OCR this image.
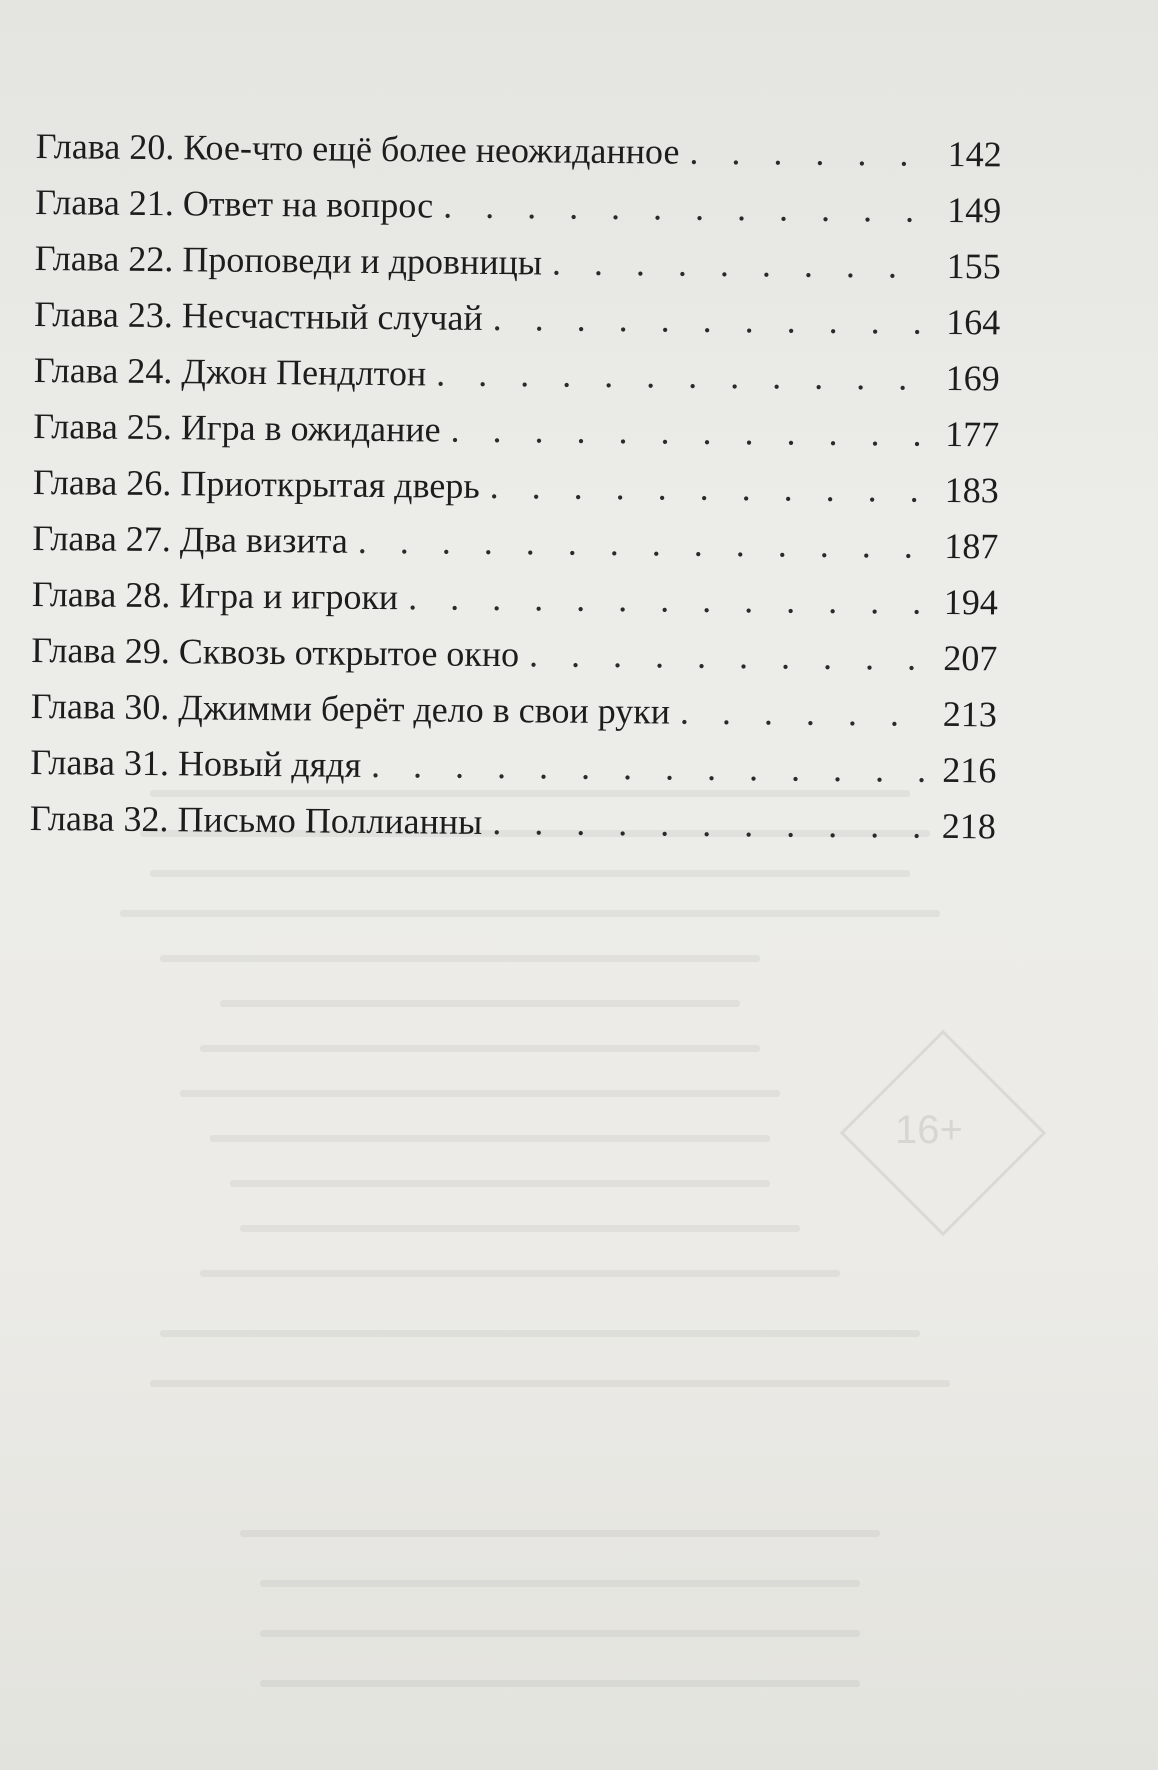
16+
Глава 20. Кое-что ещё более неожиданное . . .	142
Глава 21. Ответ на вопрос . . .	149
Глава 22. Проповеди и дровницы . . .	155
Глава 23. Несчастный случай . . .	164
Глава 24. Джон Пендлтон . . .	169
Глава 25. Игра в ожидание . . .	177
Глава 26. Приоткрытая дверь . . .	183
Глава 27. Два визита . . .	187
Глава 28. Игра и игроки . . .	194
Глава 29. Сквозь открытое окно . . .	207
Глава 30. Джимми берёт дело в свои руки . . .	213
Глава 31. Новый дядя . . .	216
Глава 32. Письмо Поллианны . . .	218
